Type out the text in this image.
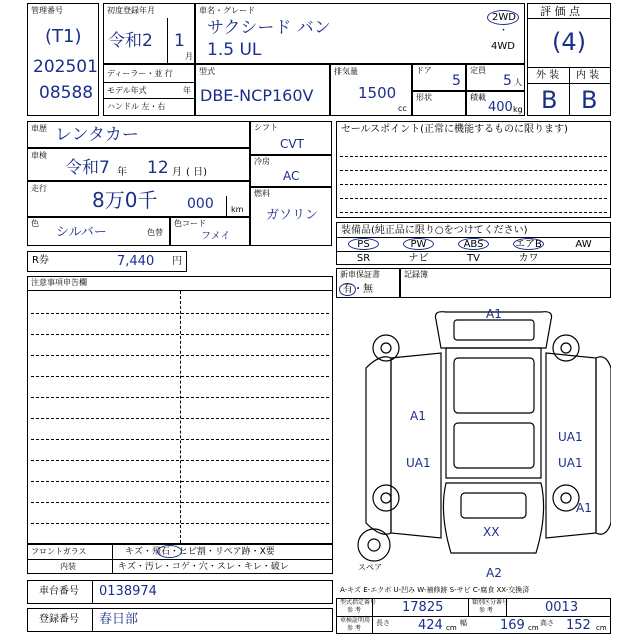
管理番号
(T1)
202501
08588
初度登録年月
令和2 1
月
車名・グレード
サクシード バン
1.5 UL
2WD
・
4WD
評 価 点
(4)
外 装 内 装
B B
ディーラー・並 行
モデル年式	年
ハンドル 左・右
型式
DBE-NCP160V
排気量
1500
cc
ドア
5
定員
5 人
形状	積載
400 kg
車歴 レンタカー
車検
令和7 年 12 月 ( 日)
走行 8万0千 000 km
色
シルバー	色替
色コード
フメイ
シフト
CVT
冷房
AC
燃料
ガソリン
R券	7,440 円
注意事項申告欄
セールスポイント(正常に機能するものに限ります)
装備品(純正品に限り○をつけてください)
PS	PW	ABS	エアB	AW
SR	ナビ	TV	カワ
新車保証書
有・無
記録簿
A1
A1
UA1
UA1	UA1
A1
XX
A2
スペア
フロントガラス	キズ・飛石・ヒビ割・リペア跡・X要
内装	キズ・汚レ・コゲ・穴・スレ・キレ・破レ
車台番号 0138974
登録番号 春日部
A-キズ E-エクボ U-凹み W-補修跡 S-サビ C-腐食 XX-交換済
型式指定番号
参 考	17825	類別区分番号
参 考	0013
車検証明用
参 考
長さ 424 cm
幅	169 cm
高さ 152 cm
